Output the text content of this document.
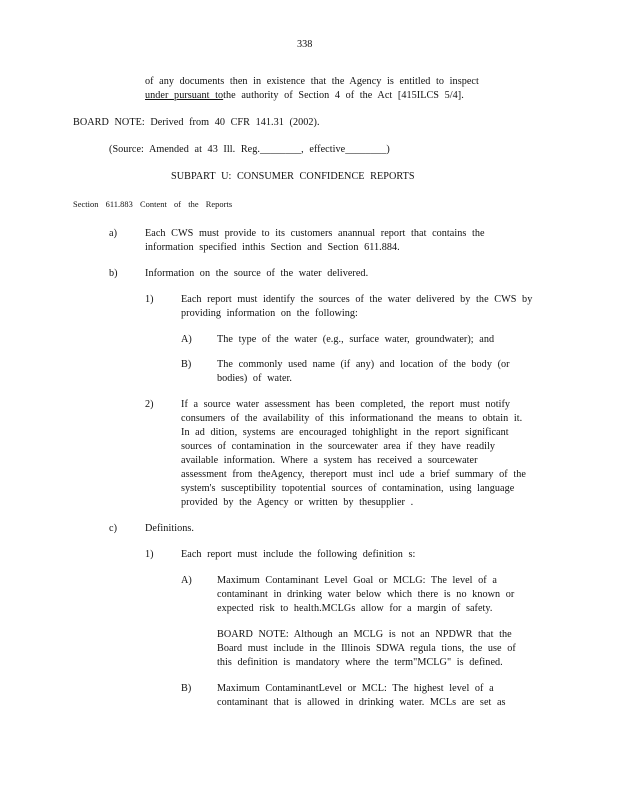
338
of any documents then in existence that the Agency is entitled to inspect
under pursuant tothe authority of Section 4 of the Act [415ILCS 5/4].
BOARD NOTE: Derived from 40 CFR 141.31 (2002).
(Source: Amended at 43 Ill. Reg.________, effective________)
SUBPART U: CONSUMER CONFIDENCE REPORTS
Section 611.883 Content of the Reports
a)	Each CWS must provide to its customers anannual report that contains the
information specified inthis Section and Section 611.884.
b)	Information on the source of the water delivered.
1)	Each report must identify the sources of the water delivered by the CWS by
providing information on the following:
A) The type of the water (e.g., surface water, groundwater); and
B)	The commonly used name (if any) and location of the body (or
bodies) of water.
2)	If a source water assessment has been completed, the report must notify
consumers of the availability of this informationand the means to obtain it.
In ad dition, systems are encouraged tohighlight in the report significant
sources of contamination in the sourcewater area if they have readily
available information. Where a system has received a sourcewater
assessment from theAgency, thereport must incl ude a brief summary of the
system's susceptibility topotential sources of contamination, using language
provided by the Agency or written by thesupplier .
c)	Definitions.
1)	Each report must include the following definition s:
A) Maximum Contaminant Level Goal or MCLG: The level of a
contaminant in drinking water below which there is no known or
expected risk to health.MCLGs allow for a margin of safety.
BOARD NOTE: Although an MCLG is not an NPDWR that the
Board must include in the Illinois SDWA regula tions, the use of
this definition is mandatory where the term"MCLG" is defined.
B)	Maximum ContaminantLevel or MCL: The highest level of a
contaminant that is allowed in drinking water. MCLs are set as
